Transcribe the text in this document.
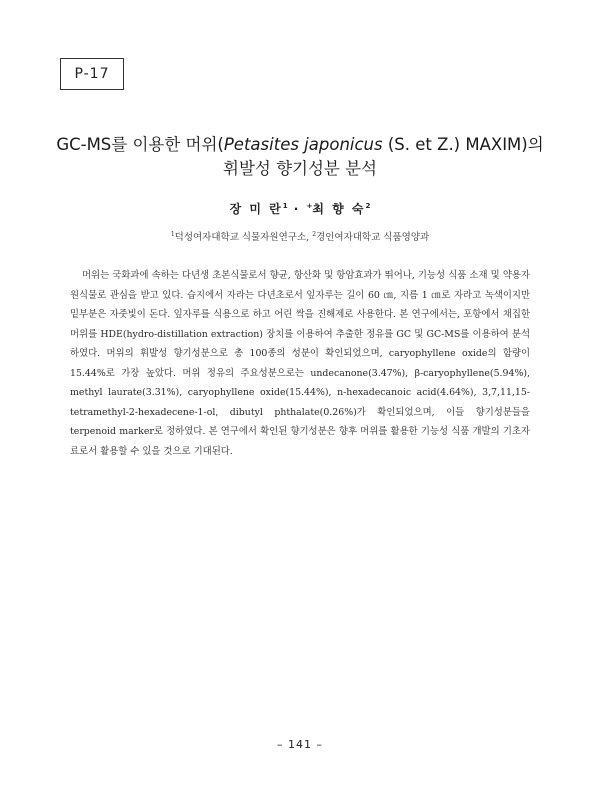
P-17
GC-MS를 이용한 머위(Petasites japonicus (S. et Z.) MAXIM)의
휘발성 향기성분 분석
장 미 란$^1$ · +최 향 숙$^2$
$^1$덕성여자대학교 식물자원연구소, $^2$경인여자대학교 식품영양과

머위는 국화과에 속하는 다년생 초본식물로서 향균, 항산화 및 항암효과가 뛰어나, 기능성 식품 소재 및 약용자원식물로 관심을 받고 있다. 습지에서 자라는 다년초로서 잎자루는 길이 60 ㎝, 지름 1 ㎝로 자라고 녹색이지만 밑부분은 자줏빛이 돈다. 잎자루를 식용으로 하고 어린 싹을 진해제로 사용한다. 본 연구에서는, 포항에서 채집한 머위를 HDE(hydro-distillation extraction) 장치를 이용하여 추출한 정유를 GC 및 GC-MS를 이용하여 분석하였다. 머위의 휘발성 향기성분으로 총 100종의 성분이 확인되었으며, caryophyllene oxide의 함량이 15.44%로 가장 높았다. 머위 정유의 주요성분으로는 undecanone(3.47%), β-caryophyllene(5.94%), methyl laurate(3.31%), caryophyllene oxide(15.44%), n-hexadecanoic acid(4.64%), 3,7,11,15-tetramethyl-2-hexadecene-1-ol, dibutyl phthalate(0.26%)가 확인되었으며, 이들 향기성분들을 terpenoid marker로 정하였다. 본 연구에서 확인된 향기성분은 향후 머위를 활용한 기능성 식품 개발의 기초자료로서 활용할 수 있을 것으로 기대된다.

– 141 –
